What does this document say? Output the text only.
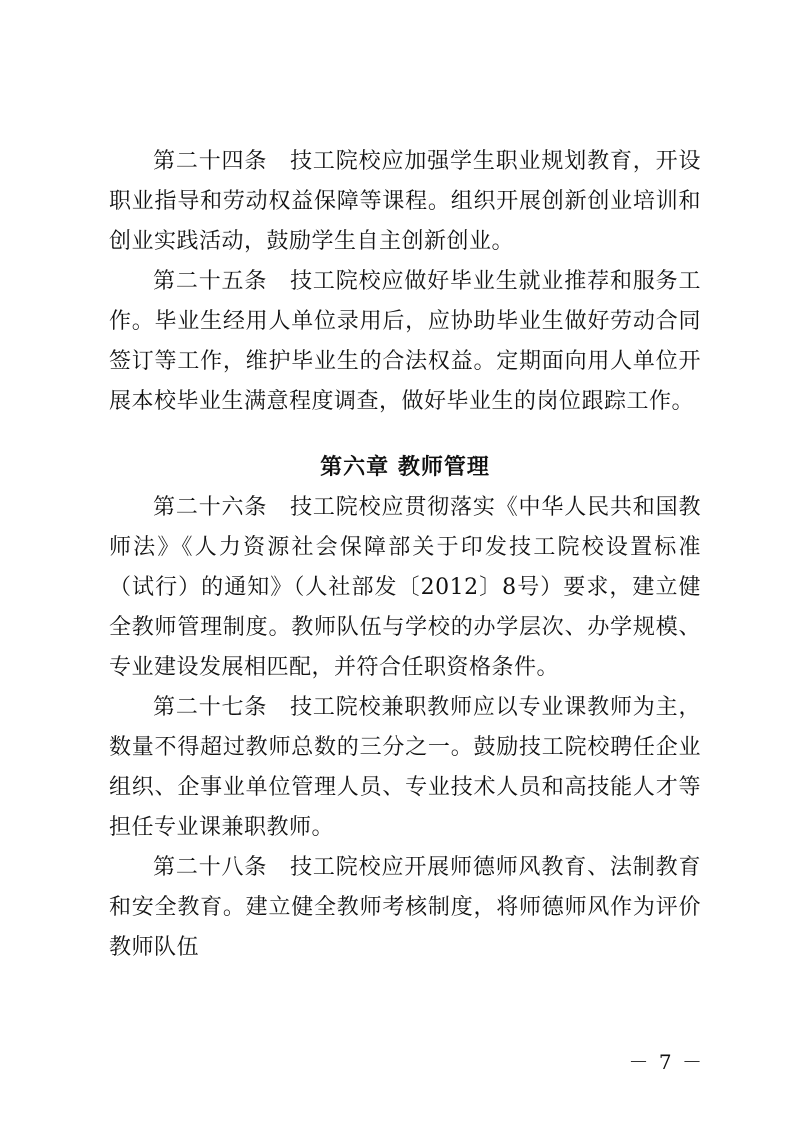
第二十四条　技工院校应加强学生职业规划教育，开设职业指导和劳动权益保障等课程。组织开展创新创业培训和创业实践活动，鼓励学生自主创新创业。

第二十五条　技工院校应做好毕业生就业推荐和服务工作。毕业生经用人单位录用后，应协助毕业生做好劳动合同签订等工作，维护毕业生的合法权益。定期面向用人单位开展本校毕业生满意程度调查，做好毕业生的岗位跟踪工作。

第六章 教师管理

第二十六条　技工院校应贯彻落实《中华人民共和国教师法》《人力资源社会保障部关于印发技工院校设置标准（试行）的通知》（人社部发〔2012〕8号）要求，建立健全教师管理制度。教师队伍与学校的办学层次、办学规模、专业建设发展相匹配，并符合任职资格条件。

第二十七条　技工院校兼职教师应以专业课教师为主，数量不得超过教师总数的三分之一。鼓励技工院校聘任企业组织、企事业单位管理人员、专业技术人员和高技能人才等担任专业课兼职教师。

第二十八条　技工院校应开展师德师风教育、法制教育和安全教育。建立健全教师考核制度，将师德师风作为评价教师队伍

－ 7 －
